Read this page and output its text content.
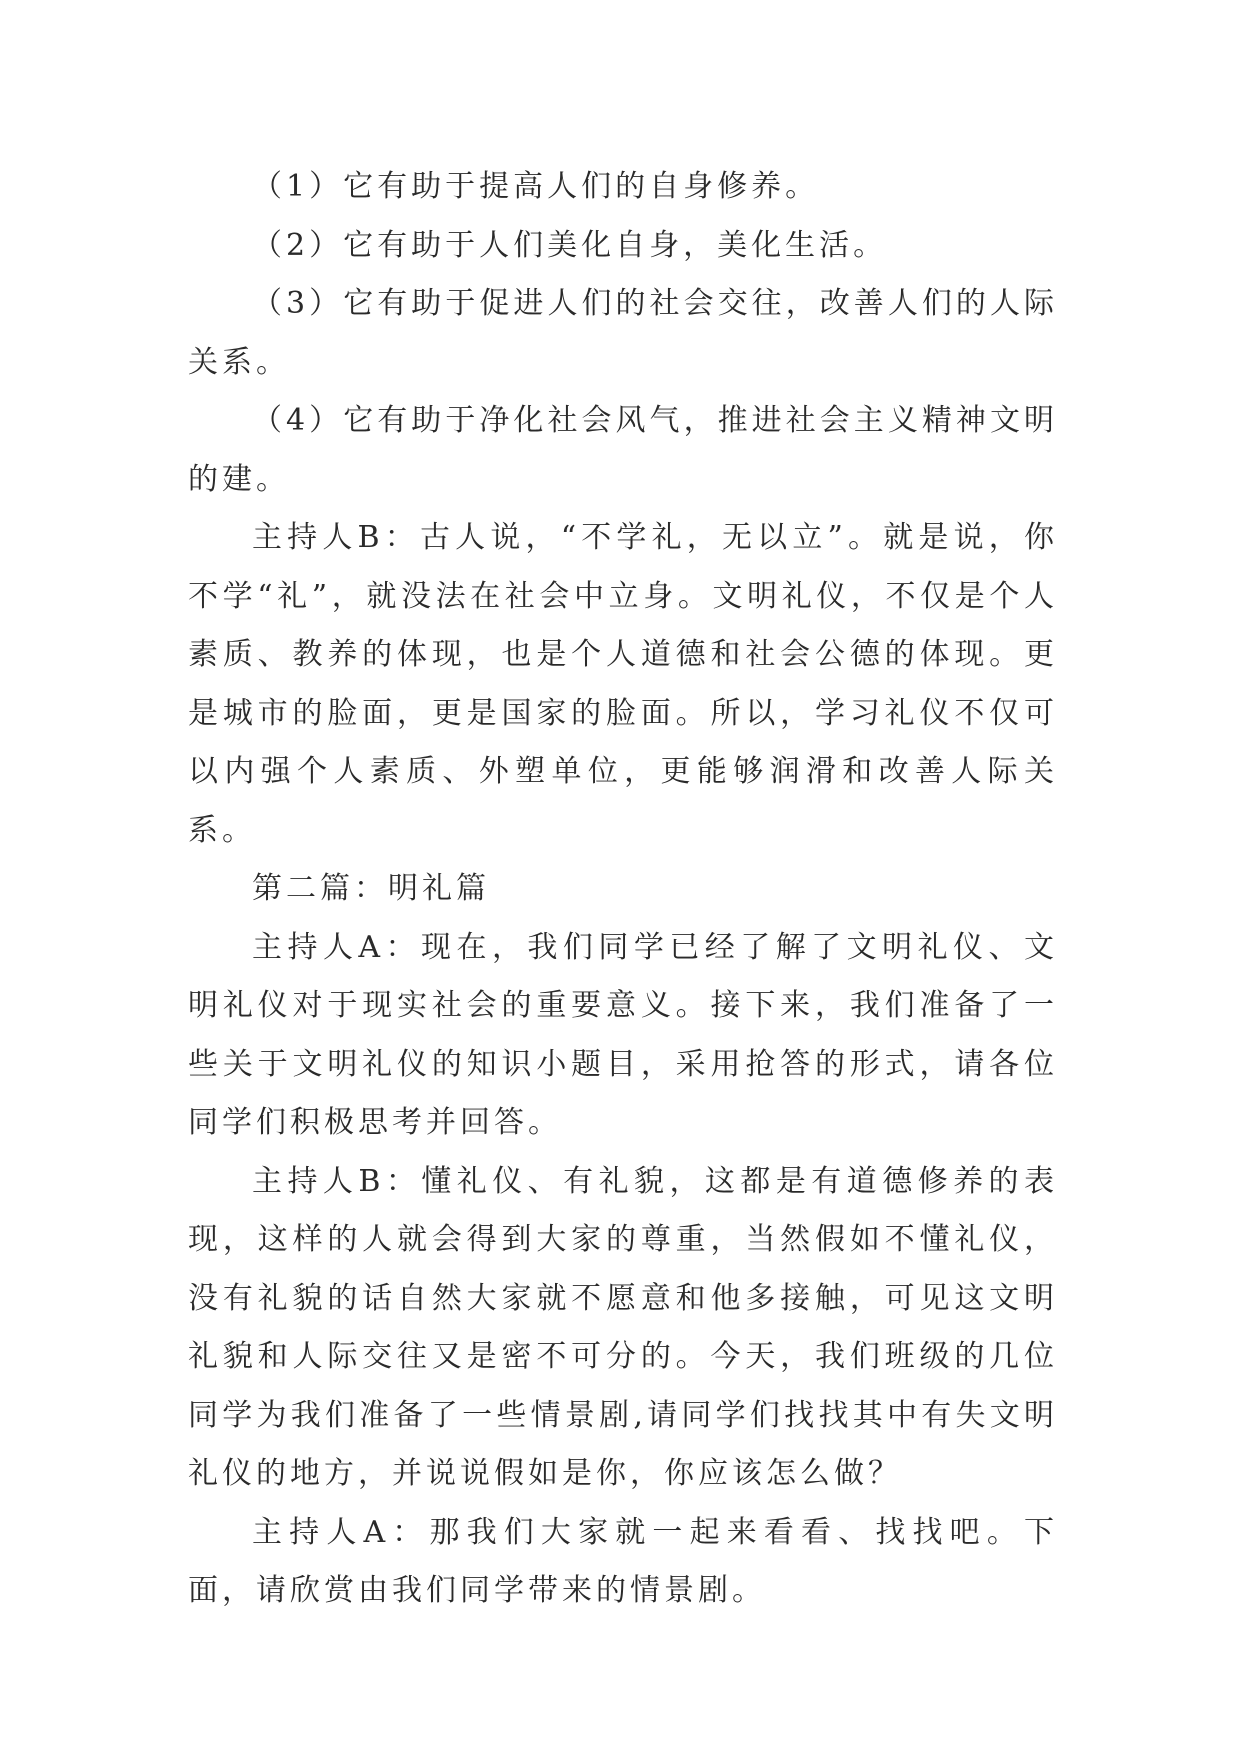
（1）它有助于提高人们的自身修养。

（2）它有助于人们美化自身，美化生活。

（3）它有助于促进人们的社会交往，改善人们的人际关系。

（4）它有助于净化社会风气，推进社会主义精神文明的建。

主持人B：古人说，“不学礼，无以立”。就是说，你不学“礼”，就没法在社会中立身。文明礼仪，不仅是个人素质、教养的体现，也是个人道德和社会公德的体现。更是城市的脸面，更是国家的脸面。所以，学习礼仪不仅可以内强个人素质、外塑单位，更能够润滑和改善人际关系。

第二篇：明礼篇

主持人A：现在，我们同学已经了解了文明礼仪、文明礼仪对于现实社会的重要意义。接下来，我们准备了一些关于文明礼仪的知识小题目，采用抢答的形式，请各位同学们积极思考并回答。

主持人B：懂礼仪、有礼貌，这都是有道德修养的表现，这样的人就会得到大家的尊重，当然假如不懂礼仪，没有礼貌的话自然大家就不愿意和他多接触，可见这文明礼貌和人际交往又是密不可分的。今天，我们班级的几位同学为我们准备了一些情景剧,请同学们找找其中有失文明礼仪的地方，并说说假如是你，你应该怎么做？

主持人A：那我们大家就一起来看看、找找吧。下面，请欣赏由我们同学带来的情景剧。
